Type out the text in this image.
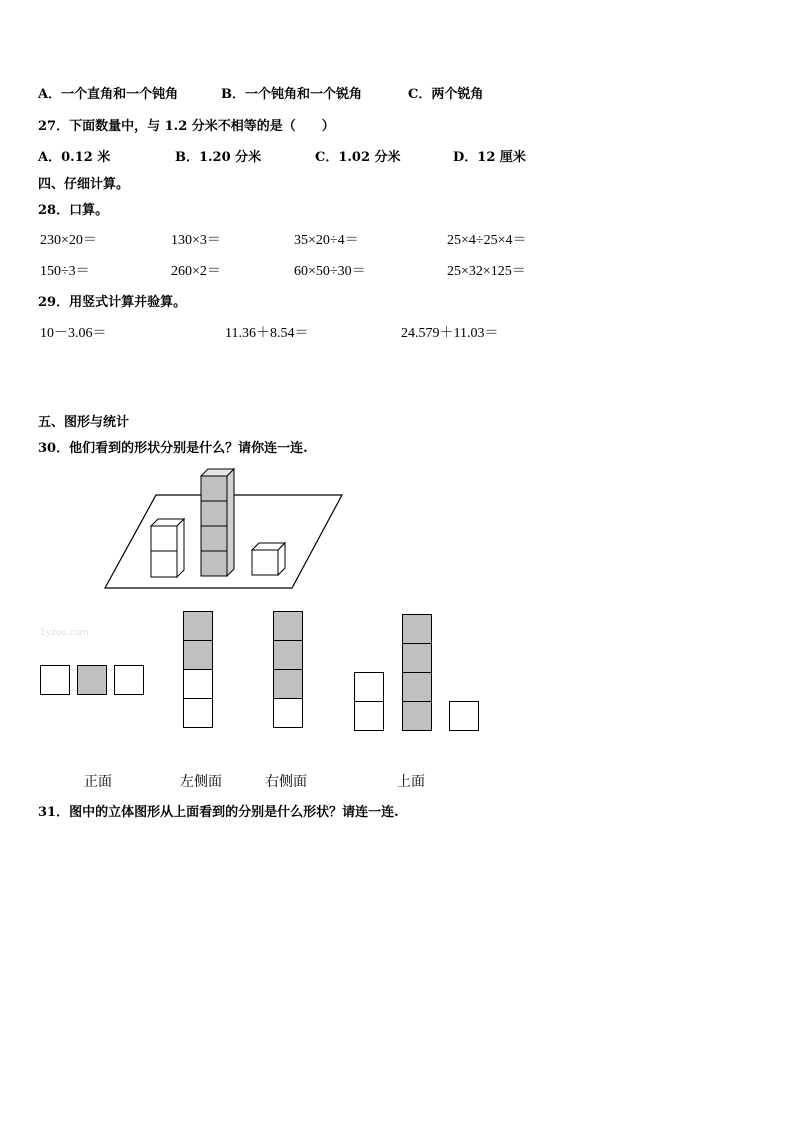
A．一个直角和一个钝角	B．一个钝角和一个锐角	C．两个锐角
27．下面数量中，与 1.2 分米不相等的是（　　）
A．0.12 米	B．1.20 分米	C．1.02 分米	D．12 厘米
四、仔细计算。
28．口算。
230×20＝	130×3＝	35×20÷4＝	25×4÷25×4＝
150÷3＝	260×2＝	60×50÷30＝	25×32×125＝
29．用竖式计算并验算。
10－3.06＝	11.36＋8.54＝	24.579＋11.03＝
五、图形与统计
30．他们看到的形状分别是什么？请你连一连.
1yzoo.com
正面	左侧面	右侧面	上面
31．图中的立体图形从上面看到的分别是什么形状？请连一连.
